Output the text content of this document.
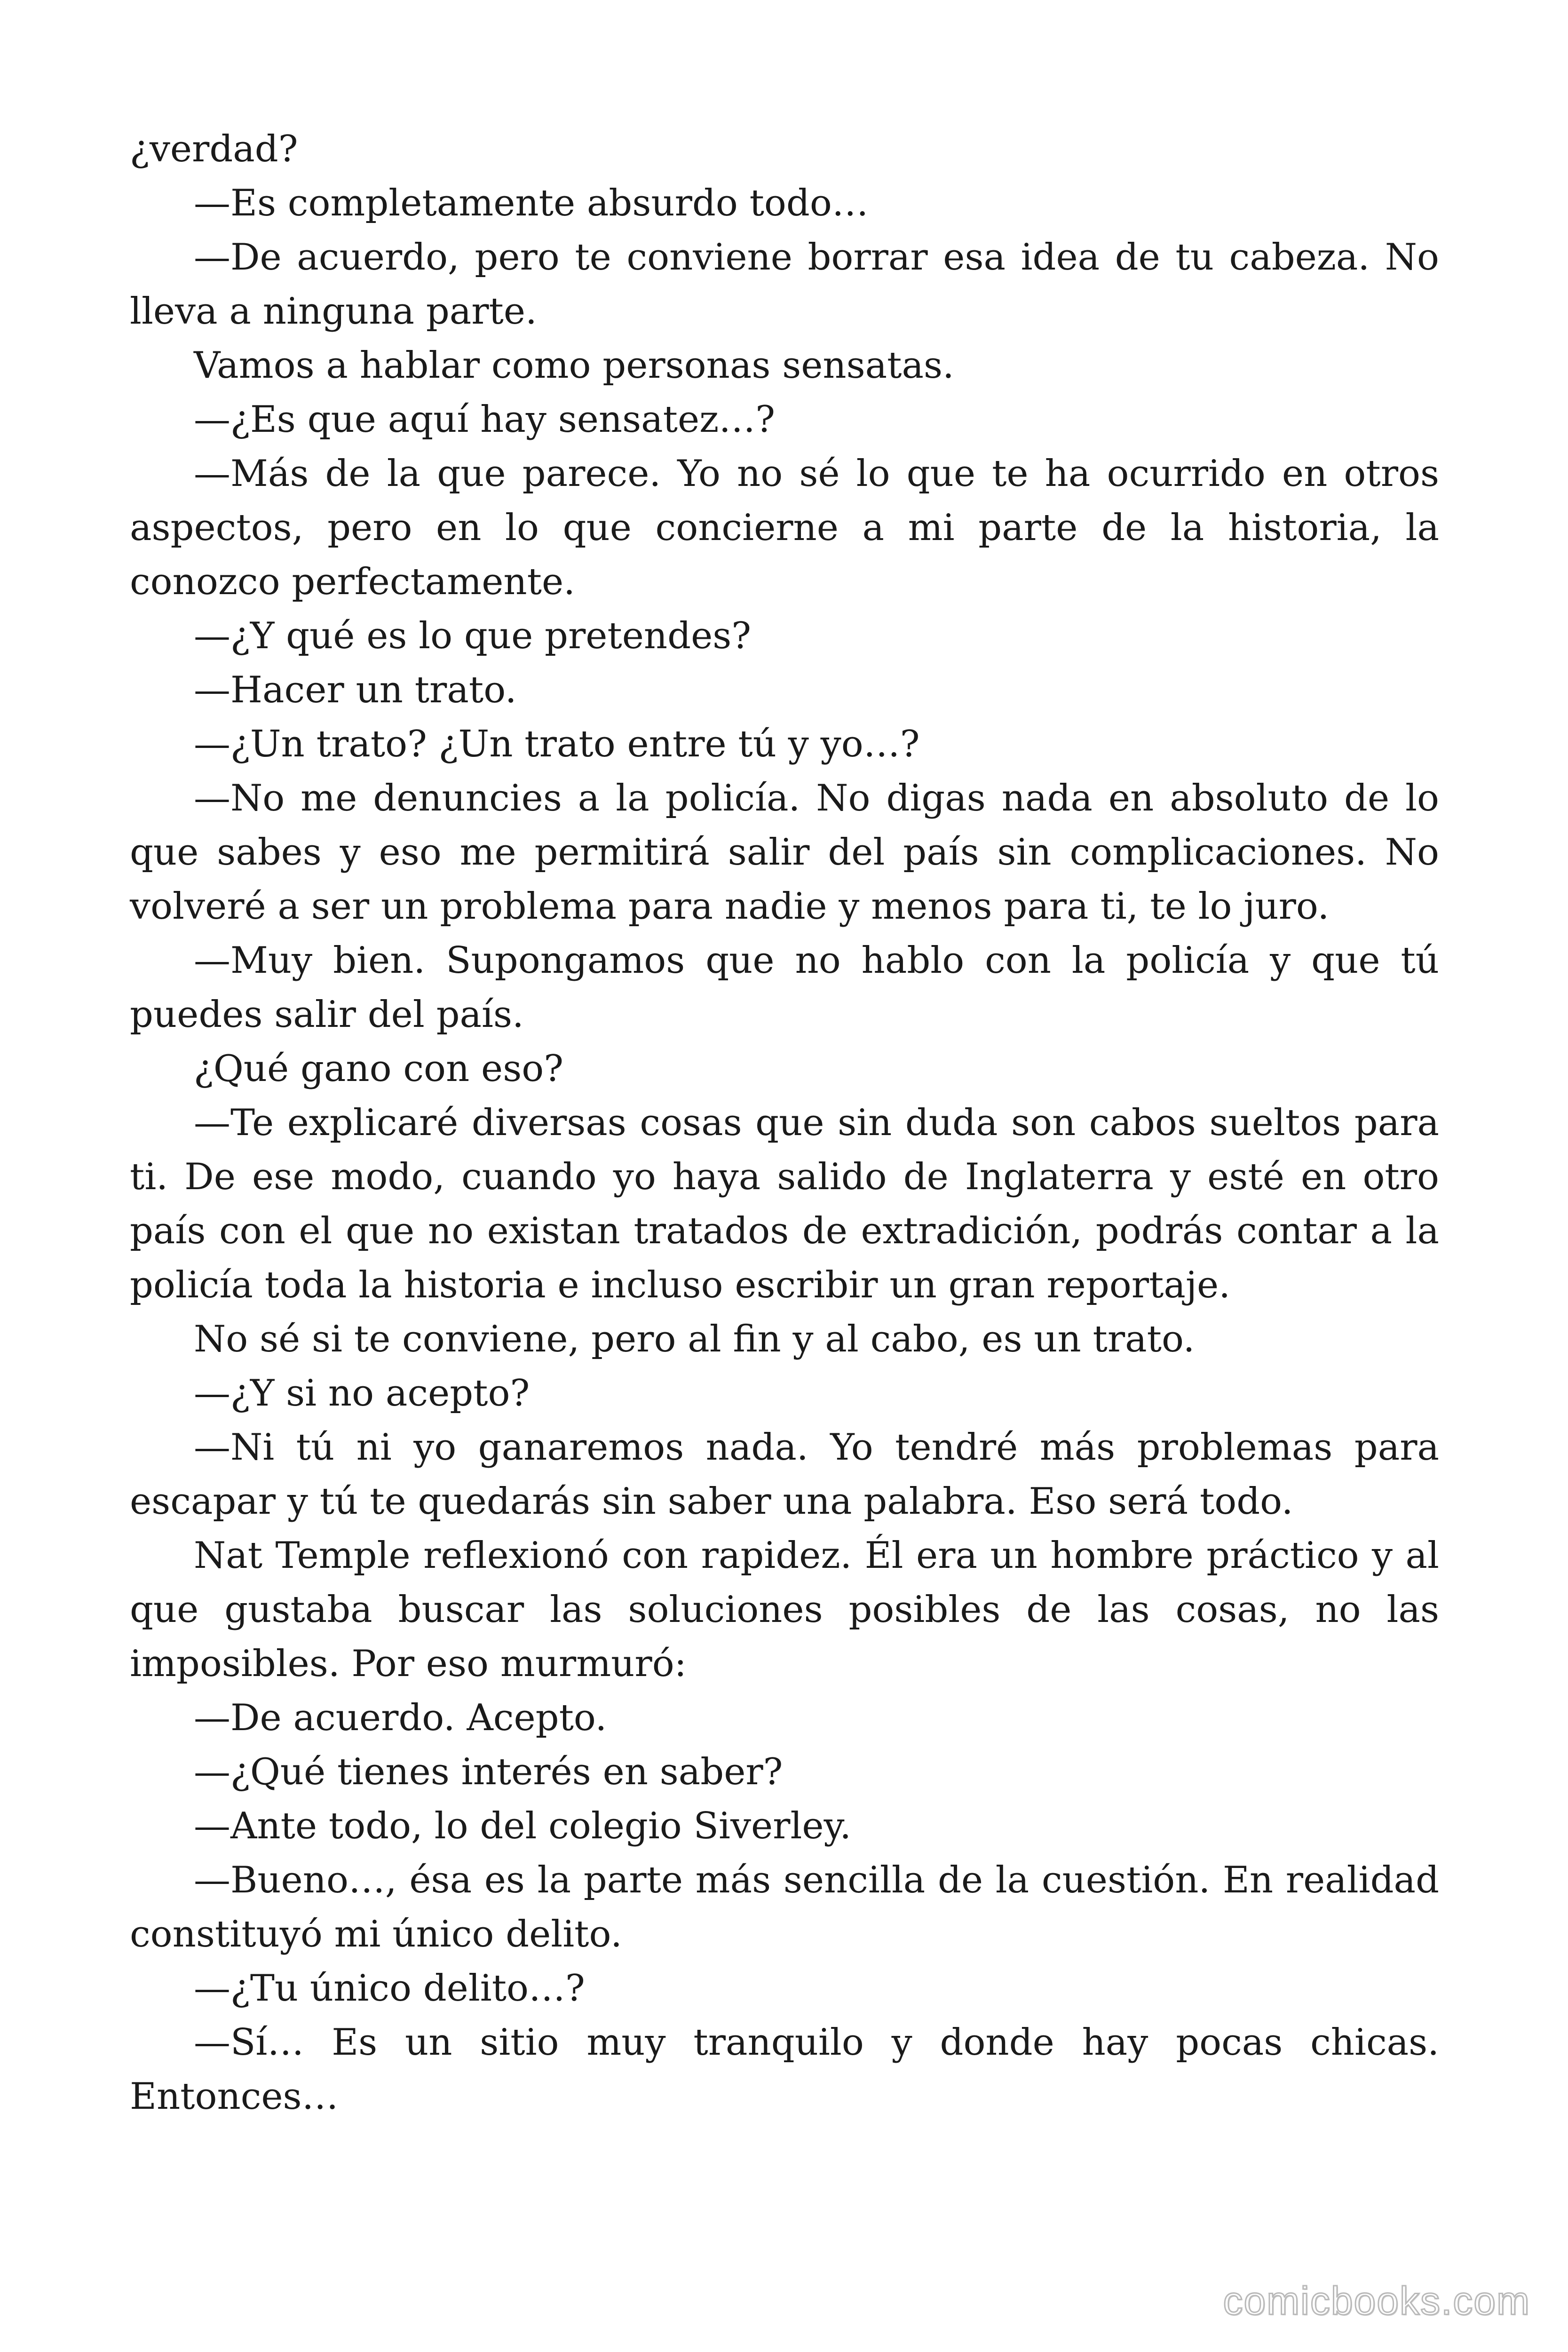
¿verdad?

—Es completamente absurdo todo…

—De acuerdo, pero te conviene borrar esa idea de tu cabeza. No lleva a ninguna parte.

Vamos a hablar como personas sensatas.

—¿Es que aquí hay sensatez…?

—Más de la que parece. Yo no sé lo que te ha ocurrido en otros aspectos, pero en lo que concierne a mi parte de la historia, la conozco perfectamente.

—¿Y qué es lo que pretendes?

—Hacer un trato.

—¿Un trato? ¿Un trato entre tú y yo…?

—No me denuncies a la policía. No digas nada en absoluto de lo que sabes y eso me permitirá salir del país sin complicaciones. No volveré a ser un problema para nadie y menos para ti, te lo juro.

—Muy bien. Supongamos que no hablo con la policía y que tú puedes salir del país.

¿Qué gano con eso?

—Te explicaré diversas cosas que sin duda son cabos sueltos para ti. De ese modo, cuando yo haya salido de Inglaterra y esté en otro país con el que no existan tratados de extradición, podrás contar a la policía toda la historia e incluso escribir un gran reportaje.

No sé si te conviene, pero al fin y al cabo, es un trato.

—¿Y si no acepto?

—Ni tú ni yo ganaremos nada. Yo tendré más problemas para escapar y tú te quedarás sin saber una palabra. Eso será todo.

Nat Temple reflexionó con rapidez. Él era un hombre práctico y al que gustaba buscar las soluciones posibles de las cosas, no las imposibles. Por eso murmuró:

—De acuerdo. Acepto.

—¿Qué tienes interés en saber?

—Ante todo, lo del colegio Siverley.

—Bueno…, ésa es la parte más sencilla de la cuestión. En realidad constituyó mi único delito.

—¿Tu único delito…?

—Sí… Es un sitio muy tranquilo y donde hay pocas chicas. Entonces…

comicbooks.com
